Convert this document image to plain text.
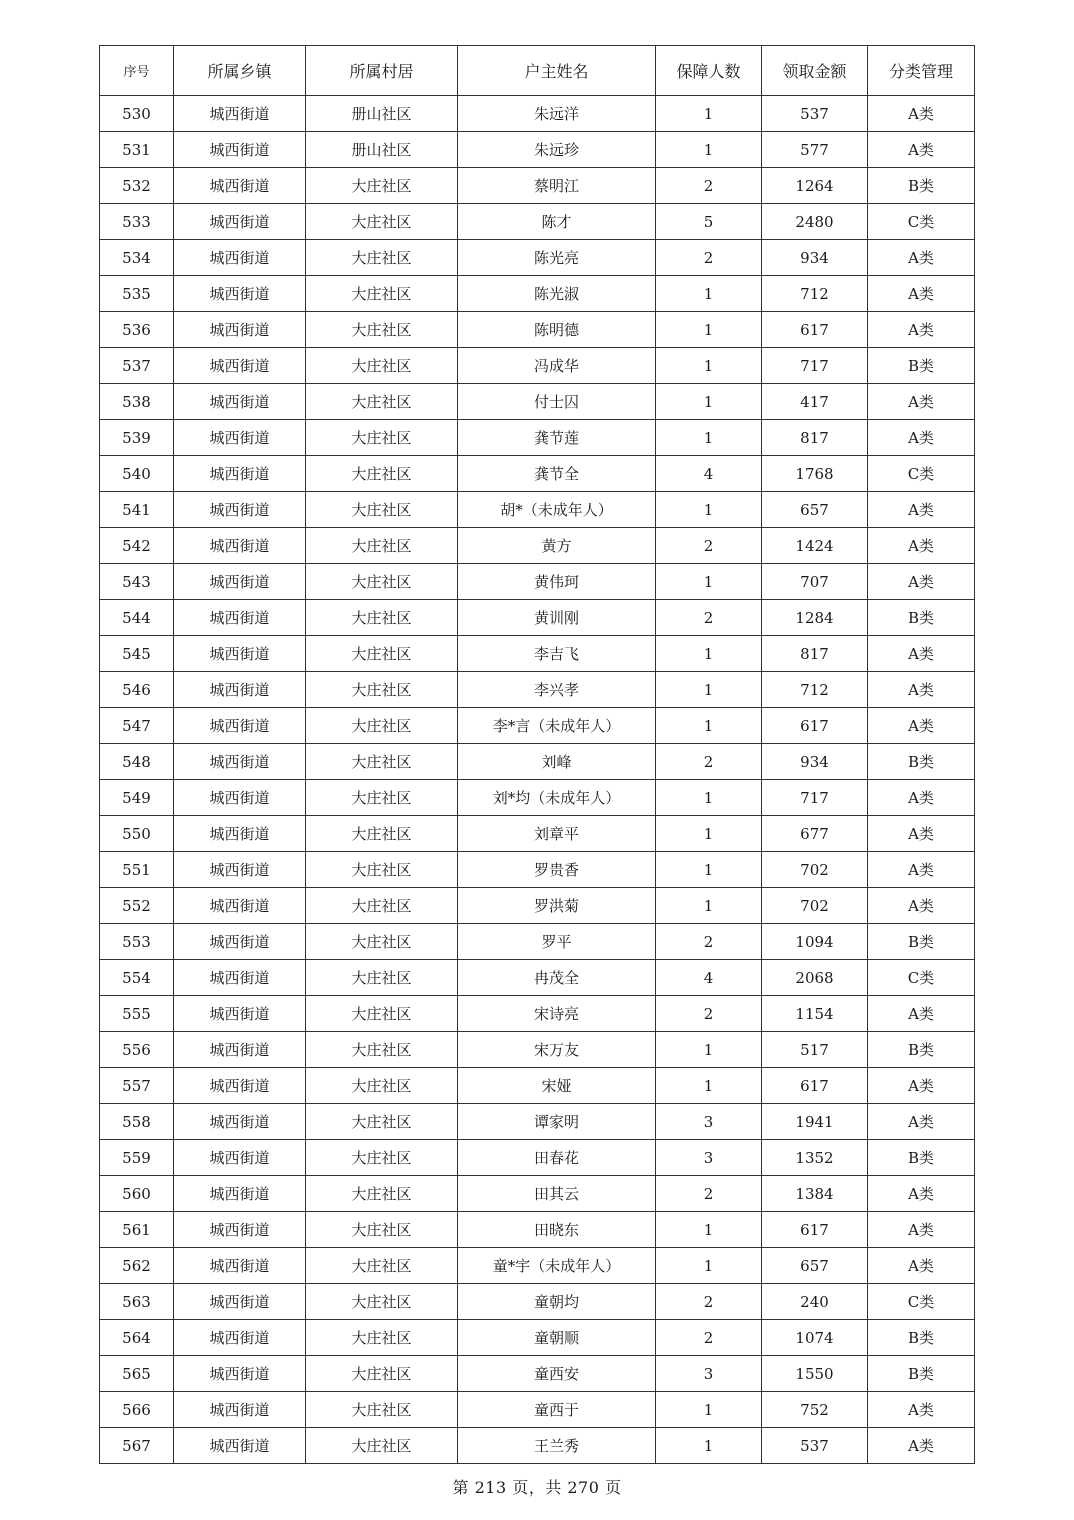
序号	所属乡镇	所属村居	户主姓名	保障人数	领取金额	分类管理
530	城西街道	册山社区	朱远洋	1	537	A类
531	城西街道	册山社区	朱远珍	1	577	A类
532	城西街道	大庄社区	蔡明江	2	1264	B类
533	城西街道	大庄社区	陈才	5	2480	C类
534	城西街道	大庄社区	陈光亮	2	934	A类
535	城西街道	大庄社区	陈光淑	1	712	A类
536	城西街道	大庄社区	陈明德	1	617	A类
537	城西街道	大庄社区	冯成华	1	717	B类
538	城西街道	大庄社区	付士囚	1	417	A类
539	城西街道	大庄社区	龚节莲	1	817	A类
540	城西街道	大庄社区	龚节全	4	1768	C类
541	城西街道	大庄社区	胡*（未成年人）	1	657	A类
542	城西街道	大庄社区	黄方	2	1424	A类
543	城西街道	大庄社区	黄伟珂	1	707	A类
544	城西街道	大庄社区	黄训刚	2	1284	B类
545	城西街道	大庄社区	李吉飞	1	817	A类
546	城西街道	大庄社区	李兴孝	1	712	A类
547	城西街道	大庄社区	李*言（未成年人）	1	617	A类
548	城西街道	大庄社区	刘峰	2	934	B类
549	城西街道	大庄社区	刘*均（未成年人）	1	717	A类
550	城西街道	大庄社区	刘章平	1	677	A类
551	城西街道	大庄社区	罗贵香	1	702	A类
552	城西街道	大庄社区	罗洪菊	1	702	A类
553	城西街道	大庄社区	罗平	2	1094	B类
554	城西街道	大庄社区	冉茂全	4	2068	C类
555	城西街道	大庄社区	宋诗亮	2	1154	A类
556	城西街道	大庄社区	宋万友	1	517	B类
557	城西街道	大庄社区	宋娅	1	617	A类
558	城西街道	大庄社区	谭家明	3	1941	A类
559	城西街道	大庄社区	田春花	3	1352	B类
560	城西街道	大庄社区	田其云	2	1384	A类
561	城西街道	大庄社区	田晓东	1	617	A类
562	城西街道	大庄社区	童*宇（未成年人）	1	657	A类
563	城西街道	大庄社区	童朝均	2	240	C类
564	城西街道	大庄社区	童朝顺	2	1074	B类
565	城西街道	大庄社区	童西安	3	1550	B类
566	城西街道	大庄社区	童西于	1	752	A类
567	城西街道	大庄社区	王兰秀	1	537	A类
第 213 页，共 270 页
